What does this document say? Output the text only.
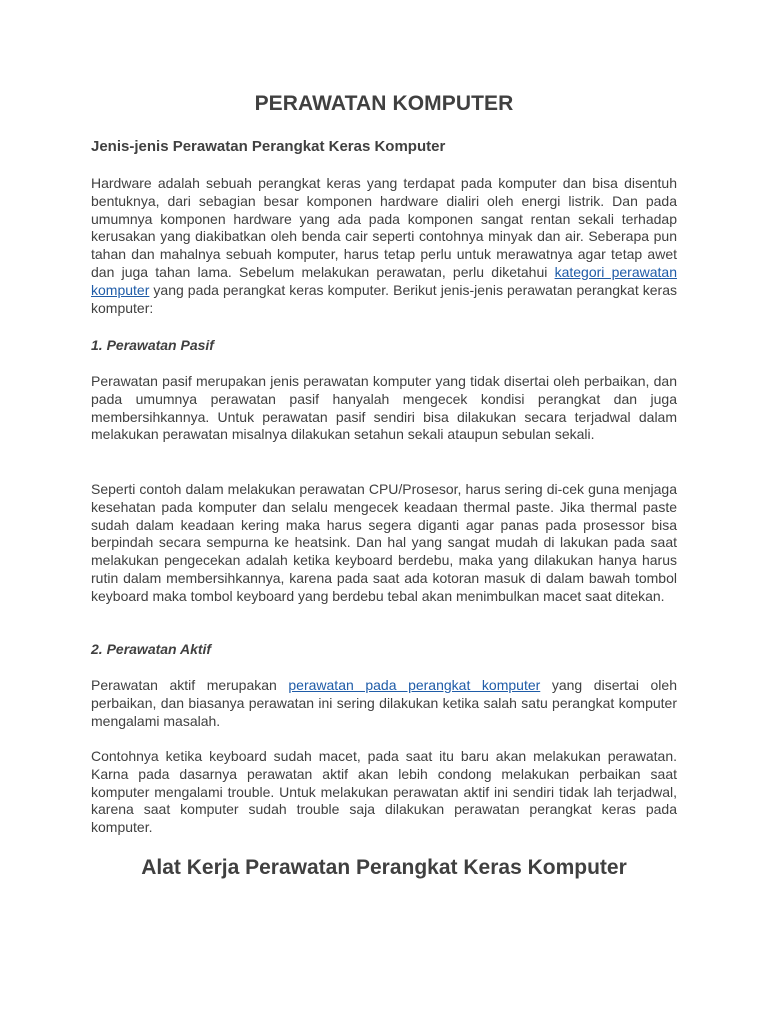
PERAWATAN KOMPUTER
Jenis-jenis Perawatan Perangkat Keras Komputer

Hardware adalah sebuah perangkat keras yang terdapat pada komputer dan bisa disentuh bentuknya, dari sebagian besar komponen hardware dialiri oleh energi listrik. Dan pada umumnya komponen hardware yang ada pada komponen sangat rentan sekali terhadap kerusakan yang diakibatkan oleh benda cair seperti contohnya minyak dan air. Seberapa pun tahan dan mahalnya sebuah komputer, harus tetap perlu untuk merawatnya agar tetap awet dan juga tahan lama. Sebelum melakukan perawatan, perlu diketahui kategori perawatan komputer yang pada perangkat keras komputer. Berikut jenis-jenis perawatan perangkat keras komputer:

1. Perawatan Pasif

Perawatan pasif merupakan jenis perawatan komputer yang tidak disertai oleh perbaikan, dan pada umumnya perawatan pasif hanyalah mengecek kondisi perangkat dan juga membersihkannya. Untuk perawatan pasif sendiri bisa dilakukan secara terjadwal dalam melakukan perawatan misalnya dilakukan setahun sekali ataupun sebulan sekali.

Seperti contoh dalam melakukan perawatan CPU/Prosesor, harus sering di-cek guna menjaga kesehatan pada komputer dan selalu mengecek keadaan thermal paste. Jika thermal paste sudah dalam keadaan kering maka harus segera diganti agar panas pada prosessor bisa berpindah secara sempurna ke heatsink. Dan hal yang sangat mudah di lakukan pada saat melakukan pengecekan adalah ketika keyboard berdebu, maka yang dilakukan hanya harus rutin dalam membersihkannya, karena pada saat ada kotoran masuk di dalam bawah tombol keyboard maka tombol keyboard yang berdebu tebal akan menimbulkan macet saat ditekan.

2. Perawatan Aktif

Perawatan aktif merupakan perawatan pada perangkat komputer yang disertai oleh perbaikan, dan biasanya perawatan ini sering dilakukan ketika salah satu perangkat komputer mengalami masalah.

Contohnya ketika keyboard sudah macet, pada saat itu baru akan melakukan perawatan. Karna pada dasarnya perawatan aktif akan lebih condong melakukan perbaikan saat komputer mengalami trouble. Untuk melakukan perawatan aktif ini sendiri tidak lah terjadwal, karena saat komputer sudah trouble saja dilakukan perawatan perangkat keras pada komputer.

Alat Kerja Perawatan Perangkat Keras Komputer
